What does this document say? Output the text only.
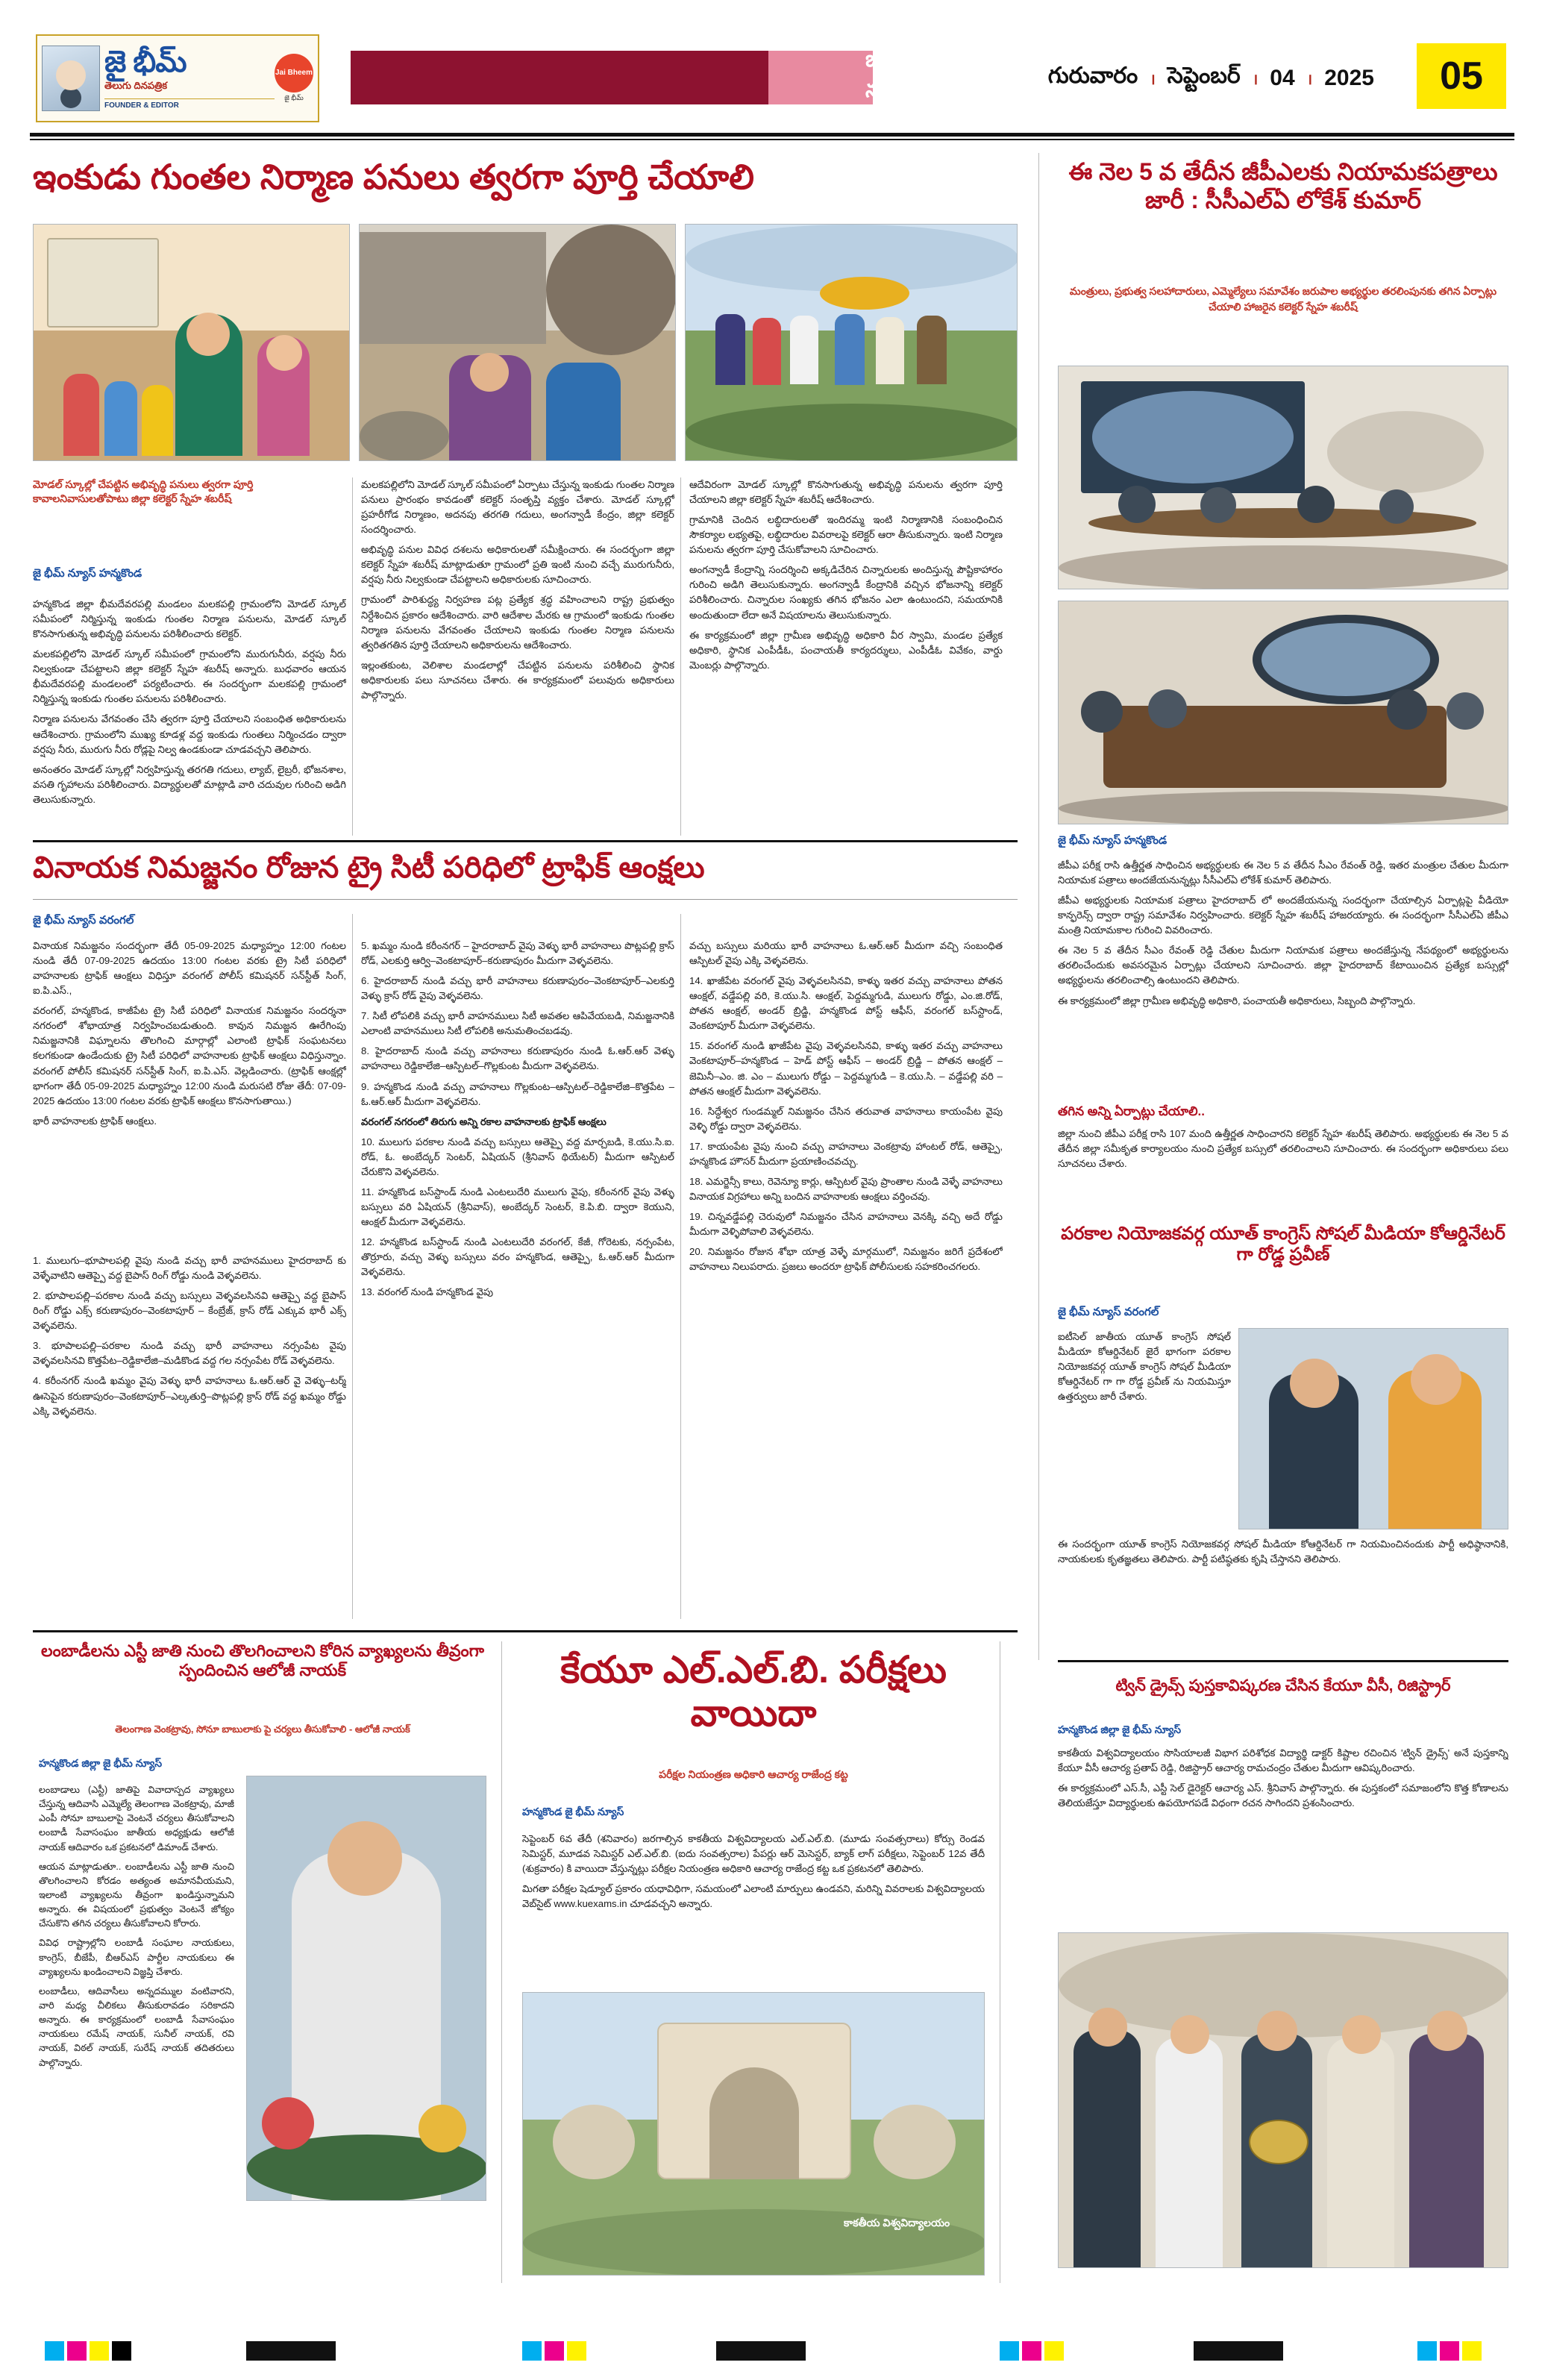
జై భీమ్
తెలుగు దినపత్రిక
FOUNDER & EDITOR
Jai Bheem
జై భీమ్
జనరల్ న్యూస్
గురువారం । సెప్టెంబర్ । 04 । 2025	05
ఇంకుడు గుంతల నిర్మాణ పనులు త్వరగా పూర్తి చేయాలి
మోడల్ స్కూల్లో చేపట్టిన అభివృద్ధి పనులు త్వరగా పూర్తి కావాలనివాసులతోపాటు జిల్లా కలెక్టర్ స్నేహ శబరీష్
జై భీమ్ న్యూస్ హన్మకొండ

హన్మకొండ జిల్లా భీమదేవరపల్లి మండలం మలకపల్లి గ్రామంలోని మోడల్ స్కూల్ సమీపంలో నిర్మిస్తున్న ఇంకుడు గుంతల నిర్మాణ పనులను, మోడల్ స్కూల్ కొనసాగుతున్న అభివృద్ధి పనులను పరిశీలించారు కలెక్టర్.

మలకపల్లిలోని మోడల్ స్కూల్ సమీపంలో గ్రామంలోని మురుగునీరు, వర్షపు నీరు నిల్వకుండా చేపట్టాలని జిల్లా కలెక్టర్ స్నేహ శబరీష్ అన్నారు. బుధవారం ఆయన భీమదేవరపల్లి మండలంలో పర్యటించారు. ఈ సందర్భంగా మలకపల్లి గ్రామంలో నిర్మిస్తున్న ఇంకుడు గుంతల పనులను పరిశీలించారు.

నిర్మాణ పనులను వేగవంతం చేసి త్వరగా పూర్తి చేయాలని సంబంధిత అధికారులను ఆదేశించారు. గ్రామంలోని ముఖ్య కూడళ్ల వద్ద ఇంకుడు గుంతలు నిర్మించడం ద్వారా వర్షపు నీరు, మురుగు నీరు రోడ్లపై నిల్వ ఉండకుండా చూడవచ్చని తెలిపారు.

అనంతరం మోడల్ స్కూల్లో నిర్వహిస్తున్న తరగతి గదులు, ల్యాబ్, లైబ్రరీ, భోజనశాల, వసతి గృహాలను పరిశీలించారు. విద్యార్థులతో మాట్లాడి వారి చదువుల గురించి అడిగి తెలుసుకున్నారు.

మలకపల్లిలోని మోడల్ స్కూల్ సమీపంలో ఏర్పాటు చేస్తున్న ఇంకుడు గుంతల నిర్మాణ పనులు ప్రారంభం కావడంతో కలెక్టర్ సంతృప్తి వ్యక్తం చేశారు. మోడల్ స్కూల్లో ప్రహరీగోడ నిర్మాణం, అదనపు తరగతి గదులు, అంగన్వాడీ కేంద్రం, జిల్లా కలెక్టర్ సందర్శించారు.

అభివృద్ధి పనుల వివిధ దశలను అధికారులతో సమీక్షించారు. ఈ సందర్భంగా జిల్లా కలెక్టర్ స్నేహ శబరీష్ మాట్లాడుతూ గ్రామంలో ప్రతి ఇంటి నుంచి వచ్చే మురుగునీరు, వర్షపు నీరు నిల్వకుండా చేపట్టాలని అధికారులకు సూచించారు.

గ్రామంలో పారిశుద్ధ్య నిర్వహణ పట్ల ప్రత్యేక శ్రద్ధ వహించాలని రాష్ట్ర ప్రభుత్వం నిర్దేశించిన ప్రకారం ఆదేశించారు. వారి ఆదేశాల మేరకు ఆ గ్రామంలో ఇంకుడు గుంతల నిర్మాణ పనులను వేగవంతం చేయాలని ఇంకుడు గుంతల నిర్మాణ పనులను త్వరితగతిన పూర్తి చేయాలని అధికారులను ఆదేశించారు.

ఇల్లంతకుంట, వెలిశాల మండలాల్లో చేపట్టిన పనులను పరిశీలించి స్థానిక అధికారులకు పలు సూచనలు చేశారు. ఈ కార్యక్రమంలో పలువురు అధికారులు పాల్గొన్నారు.

ఆదేవిరంగా మోడల్ స్కూల్లో కొనసాగుతున్న అభివృద్ధి పనులను త్వరగా పూర్తి చేయాలని జిల్లా కలెక్టర్ స్నేహ శబరీష్ ఆదేశించారు.

గ్రామానికి చెందిన లబ్ధిదారులతో ఇందిరమ్మ ఇంటి నిర్మాణానికి సంబంధించిన సౌకర్యాల లభ్యతపై, లబ్ధిదారుల వివరాలపై కలెక్టర్ ఆరా తీసుకున్నారు. ఇంటి నిర్మాణ పనులను త్వరగా పూర్తి చేసుకోవాలని సూచించారు.

అంగన్వాడీ కేంద్రాన్ని సందర్శించి అక్కడిచేరిన చిన్నారులకు అందిస్తున్న పౌష్టికాహారం గురించి అడిగి తెలుసుకున్నారు. అంగన్వాడీ కేంద్రానికి వచ్చిన భోజనాన్ని కలెక్టర్ పరిశీలించారు. చిన్నారుల సంఖ్యకు తగిన భోజనం ఎలా ఉంటుందని, సమయానికి అందుతుందా లేదా అనే విషయాలను తెలుసుకున్నారు.

ఈ కార్యక్రమంలో జిల్లా గ్రామీణ అభివృద్ధి అధికారి వీర స్వామి, మండల ప్రత్యేక అధికారి, స్థానిక ఎంపీడీఓ, పంచాయతీ కార్యదర్శులు, ఎంపీడీఓ వివేకం, వార్డు మెంబర్లు పాల్గొన్నారు.

ఈ నెల 5 వ తేదీన జీపీఎలకు నియామకపత్రాలు జారీ : సీసీఎల్ఏ లోకేశ్ కుమార్
మంత్రులు, ప్రభుత్వ సలహాదారులు, ఎమ్మెల్యేలు సమావేశం జరుపాల అభ్యర్థుల తరలింపునకు తగిన ఏర్పాట్లు చేయాలి హాజరైన కలెక్టర్ స్నేహ శబరీష్
జై భీమ్ న్యూస్ హన్మకొండ

జీపీఎ పరీక్ష రాసి ఉత్తీర్ణత సాధించిన అభ్యర్థులకు ఈ నెల 5 వ తేదీన సీఎం రేవంత్ రెడ్డి, ఇతర మంత్రుల చేతుల మీదుగా నియామక పత్రాలు అందజేయనున్నట్లు సీసీఎల్ఏ లోకేశ్ కుమార్ తెలిపారు.

జీపీఎ అభ్యర్థులకు నియామక పత్రాలు హైదరాబాద్ లో అందజేయనున్న సందర్భంగా చేయాల్సిన ఏర్పాట్లపై వీడియో కాన్ఫరెన్స్ ద్వారా రాష్ట్ర సమావేశం నిర్వహించారు. కలెక్టర్ స్నేహ శబరీష్ హాజరయ్యారు. ఈ సందర్భంగా సీసీఎల్ఏ జీపీఎ మంత్రి నియామకాల గురించి వివరించారు.

ఈ నెల 5 వ తేదీన సీఎం రేవంత్ రెడ్డి చేతుల మీదుగా నియామక పత్రాలు అందజేస్తున్న నేపథ్యంలో అభ్యర్థులను తరలించేందుకు అవసరమైన ఏర్పాట్లు చేయాలని సూచించారు. జిల్లా హైదరాబాద్ కేటాయించిన ప్రత్యేక బస్సుల్లో అభ్యర్థులను తరలించాల్సి ఉంటుందని తెలిపారు.

ఈ కార్యక్రమంలో జిల్లా గ్రామీణ అభివృద్ధి అధికారి, పంచాయతీ అధికారులు, సిబ్బంది పాల్గొన్నారు.

తగిన అన్ని ఏర్పాట్లు చేయాలి..

జిల్లా నుంచి జీపీఎ పరీక్ష రాసి 107 మంది ఉత్తీర్ణత సాధించారని కలెక్టర్ స్నేహ శబరీష్ తెలిపారు. అభ్యర్థులకు ఈ నెల 5 వ తేదీన జిల్లా సమీకృత కార్యాలయం నుంచి ప్రత్యేక బస్సులో తరలించాలని సూచించారు. ఈ సందర్భంగా అధికారులు పలు సూచనలు చేశారు.

పరకాల నియోజకవర్గ యూత్ కాంగ్రెస్ సోషల్ మీడియా కోఆర్డినేటర్ గా రోడ్డ ప్రవీణ్
జై భీమ్ న్యూస్ వరంగల్

ఐటీసెల్ జాతీయ యూత్ కాంగ్రెస్ సోషల్ మీడియా కోఆర్డినేటర్ జైరే భాగంగా పరకాల నియోజకవర్గ యూత్ కాంగ్రెస్ సోషల్ మీడియా కోఆర్డినేటర్ గా గా రోడ్డ ప్రవీణ్ ను నియమిస్తూ ఉత్తర్వులు జారీ చేశారు.

ఈ సందర్భంగా యూత్ కాంగ్రెస్ నియోజకవర్గ సోషల్ మీడియా కోఆర్డినేటర్ గా నియమించినందుకు పార్టీ అధిష్ఠానానికి, నాయకులకు కృతజ్ఞతలు తెలిపారు. పార్టీ పటిష్ఠతకు కృషి చేస్తానని తెలిపారు.

వినాయక నిమజ్జనం రోజున ట్రై సిటీ పరిధిలో ట్రాఫిక్ ఆంక్షలు
జై భీమ్ న్యూస్ వరంగల్

వినాయక నిమజ్జనం సందర్భంగా తేదీ 05-09-2025 మధ్యాహ్నం 12:00 గంటల నుండి తేదీ 07-09-2025 ఉదయం 13:00 గంటల వరకు ట్రై సిటీ పరిధిలో వాహనాలకు ట్రాఫిక్ ఆంక్షలు విధిస్తూ వరంగల్ పోలీస్ కమిషనర్ సన్‌స్టీత్ సింగ్, ఐ.పి.ఎస్.,

వరంగల్, హన్మకొండ, కాజీపేట ట్రై సిటీ పరిధిలో వినాయక నిమజ్జనం సందర్శనా నగరంలో శోభాయాత్ర నిర్వహించబడుతుంది. కావున నిమజ్జన ఊరేగింపు నిమజ్జనానికి విఘ్నాలను తొలగించి మార్గాల్లో ఎలాంటి ట్రాఫిక్ సంఘటనలు కలగకుండా ఉండేందుకు ట్రై సిటీ పరిధిలో వాహనాలకు ట్రాఫిక్ ఆంక్షలు విధిస్తున్నాం. వరంగల్ పోలీస్ కమిషనర్ సన్‌స్టీత్ సింగ్, ఐ.పి.ఎస్. వెల్లడించారు. (ట్రాఫిక్ ఆంక్షల్లో భాగంగా తేదీ 05-09-2025 మధ్యాహ్నం 12:00 నుండి మరుసటి రోజు తేదీ: 07-09-2025 ఉదయం 13:00 గంటల వరకు ట్రాఫిక్ ఆంక్షలు కొనసాగుతాయి.)

భారీ వాహనాలకు ట్రాఫిక్ ఆంక్షలు.

1. ములుగు–భూపాలపల్లి వైపు నుండి వచ్చు భారీ వాహనములు హైదరాబాద్ కు వెళ్ళేవాటిని ఆతెప్పై వద్ద బైపాస్ రింగ్ రోడ్డు నుండి వెళ్ళవలెను.

2. భూపాలపల్లి–పరకాల నుండి వచ్చు బస్సులు వెళ్ళవలసినవి ఆతెప్పై వద్ద బైపాస్ రింగ్ రోడ్డు ఎక్స్ కరుణాపురం–వెంకటాపూర్ – కేంబ్రేజ్, క్రాస్ రోడ్ ఎక్కువ భారీ ఎక్స్ వెళ్ళవలెను.

3. భూపాలపల్లి–పరకాల నుండి వచ్చు భారీ వాహనాలు నర్సంపేట వైపు వెళ్ళవలసినవి కొత్తపేట–రెడ్డికాలేజి–మడికొండ వద్ద గల నర్సంపేట రోడ్ వెళ్ళవలెను.

4. కరీంనగర్ నుండి ఖమ్మం వైపు వెళ్ళు భారీ వాహనాలు ఓ.ఆర్.ఆర్ వై వెళ్ళు–టర్మ్ ఊసెపైన కరుణాపురం–వెంకటాపూర్–ఎల్కతుర్తి–పొట్లపల్లి క్రాస్ రోడ్ వద్ద ఖమ్మం రోడ్డు ఎక్కి వెళ్ళవలెను.

5. ఖమ్మం నుండి కరీంనగర్ – హైదరాబాద్ వైపు వెళ్ళు భారీ వాహనాలు పొట్లపల్లి క్రాస్ రోడ్, ఎలకుర్తి ఆర్వి–వెంకటాపూర్–కరుణాపురం మీదుగా వెళ్ళవలెను.

6. హైదరాబాద్ నుండి వచ్చు భారీ వాహనాలు కరుణాపురం–వెంకటాపూర్–ఎలకుర్తి వెళ్ళు క్రాస్ రోడ్ వైపు వెళ్ళవలెను.

7. సిటీ లోపలికి వచ్చు భారీ వాహనములు సిటీ అవతల ఆపివేయబడి, నిమజ్జనానికి ఎలాంటి వాహనములు సిటీ లోపలికి అనుమతించబడవు.

8. హైదరాబాద్ నుండి వచ్చు వాహనాలు కరుణాపురం నుండి ఓ.ఆర్.ఆర్ వెళ్ళు వాహనాలు రెడ్డికాలేజి–ఆస్పిటల్–గొల్లకుంట మీదుగా వెళ్ళవలెను.

9. హన్మకొండ నుండి వచ్చు వాహనాలు గొల్లకుంట–ఆస్పిటల్–రెడ్డికాలేజి–కొత్తపేట –ఓ.ఆర్.ఆర్ మీదుగా వెళ్ళవలెను.

వరంగల్ నగరంలో తిరుగు అన్ని రకాల వాహనాలకు ట్రాఫిక్ ఆంక్షలు

10. ములుగు పరకాల నుండి వచ్చు బస్సులు ఆతెప్పై వద్ద మార్చబడి, కె.యు.సి.ఐ. రోడ్, ఓ. అంబేద్కర్ సెంటర్, ఏషియన్ (శ్రీనివాస్ థియేటర్) మీదుగా ఆస్పిటల్ చేరుకొని వెళ్ళవలెను.

11. హన్మకొండ బస్‌స్టాండ్ నుండి ఎంటలుదేరి ములుగు వైపు, కరీంనగర్ వైపు వెళ్ళు బస్సులు వరి ఏషియన్ (శ్రీనివాస్), అంబేద్కర్ సెంటర్, కె.పి.బి. ద్వారా కెయుని, ఆంక్షల్ మీదుగా వెళ్ళవలెను.

12. హన్మకొండ బస్‌స్టాండ్ నుండి ఎంటలుదేరి వరంగల్, కేజీ, గోరెటకు, నర్సంపేట, తొర్రూరు, వచ్చు వెళ్ళు బస్సులు వరం హన్మకొండ, ఆతెప్పై, ఓ.ఆర్.ఆర్ మీదుగా వెళ్ళవలెను.

13. వరంగల్ నుండి హన్మకొండ వైపు

వచ్చు బస్సులు మరియు భారీ వాహనాలు ఓ.ఆర్.ఆర్ మీదుగా వచ్చి సంబంధిత ఆస్పిటల్ వైపు ఎక్కి వెళ్ళవలెను.

14. ఖాజీపేట వరంగల్ వైపు వెళ్ళవలసినవి, కాళ్ళు ఇతర వచ్చు వాహనాలు పోతన ఆంక్షల్, వడ్డేపల్లి వరి, కె.యు.సి. ఆంక్షల్, పెద్దమ్మగుడి, ములుగు రోడ్డు, ఎం.జి.రోడ్, పోతన ఆంక్షల్, అండర్ బ్రిడ్జి, హన్మకొండ పోస్ట్ ఆఫీస్, వరంగల్ బస్‌స్టాండ్, వెంకటాపూర్ మీదుగా వెళ్ళవలెను.

15. వరంగల్ నుండి ఖాజీపేట వైపు వెళ్ళవలసినవి, కాళ్ళు ఇతర వచ్చు వాహనాలు వెంకటాపూర్–హన్మకొండ – హెడ్ పోస్ట్ ఆఫీస్ – అండర్ బ్రిడ్జి – పోతన ఆంక్షల్ – జెమినీ–ఎం. జి. ఎం – ములుగు రోడ్డు – పెద్దమ్మగుడి – కె.యు.సి. – వడ్డేపల్లి వరి – పోతన ఆంక్షల్ మీదుగా వెళ్ళవలెను.

16. సిద్ధేశ్వర గుండమ్మల్ నిమజ్జనం చేసిన తరువాత వాహనాలు కాయంపేట వైపు వెళ్ళి రోడ్డు ద్వారా వెళ్ళవలెను.

17. కాయంపేట వైపు నుంచి వచ్చు వాహనాలు వెంకట్రావు హాంటల్ రోడ్, ఆతెప్పై, హన్మకొండ హౌసర్ మీదుగా ప్రయాణించవచ్చు.

18. ఎమర్జెన్సీ కాలు, రెవెన్యూ కార్లు, ఆస్పిటల్ వైపు ప్రాంతాల నుండి వెళ్ళే వాహనాలు వినాయక విగ్రహాలు అన్ని బందిన వాహనాలకు ఆంక్షలు వర్తించవు.

19. చిన్నవడ్డేపల్లి చెరువులో నిమజ్జనం చేసిన వాహనాలు వెనక్కి వచ్చి అదే రోడ్డు మీదుగా వెళ్ళిపోవాలి వెళ్ళవలెను.

20. నిమజ్జనం రోజున శోభా యాత్ర వెళ్ళే మార్గములో, నిమజ్జనం జరిగే ప్రదేశంలో వాహనాలు నిలుపరాదు. ప్రజలు అందరూ ట్రాఫిక్ పోలీసులకు సహకరించగలరు.

లంబాడీలను ఎస్టీ జాతి నుంచి తొలగించాలని కోరిన వ్యాఖ్యలను తీవ్రంగా స్పందించిన ఆలోజీ నాయక్
తెలంగాణ వెంకట్రావు, సోనూ బాబులాకు పై చర్యలు తీసుకోవాలి - ఆలోజీ నాయక్
హన్మకొండ జిల్లా జై భీమ్ న్యూస్

లంబాడాలు (ఎస్టీ) జాతిపై వివాదాస్పద వ్యాఖ్యలు చేస్తున్న ఆదివాసి ఎమ్మెల్యే తెలంగాణ వెంకట్రావు, మాజీ ఎంపీ సోనూ బాబులాపై వెంటనే చర్యలు తీసుకోవాలని లంబాడీ సేవాసంఘం జాతీయ అధ్యక్షుడు ఆలోజీ నాయక్ ఆదివారం ఒక ప్రకటనలో డిమాండ్ చేశారు.

ఆయన మాట్లాడుతూ.. లంబాడీలను ఎస్టీ జాతి నుంచి తొలగించాలని కోరడం అత్యంత అమానవీయమని, ఇలాంటి వ్యాఖ్యలను తీవ్రంగా ఖండిస్తున్నామని అన్నారు. ఈ విషయంలో ప్రభుత్వం వెంటనే జోక్యం చేసుకొని తగిన చర్యలు తీసుకోవాలని కోరారు.

వివిధ రాష్ట్రాల్లోని లంబాడీ సంఘాల నాయకులు, కాంగ్రెస్, బీజేపీ, బీఆర్ఎస్ పార్టీల నాయకులు ఈ వ్యాఖ్యలను ఖండించాలని విజ్ఞప్తి చేశారు.

లంబాడీలు, ఆదివాసీలు అన్నదమ్ముల వంటివారని, వారి మధ్య చీలికలు తీసుకురావడం సరికాదని అన్నారు. ఈ కార్యక్రమంలో లంబాడీ సేవాసంఘం నాయకులు రమేష్ నాయక్, సునీల్ నాయక్, రవి నాయక్, విఠల్ నాయక్, సురేష్ నాయక్ తదితరులు పాల్గొన్నారు.

కేయూ ఎల్.ఎల్.బి. పరీక్షలు వాయిదా
పరీక్షల నియంత్రణ అధికారి ఆచార్య రాజేంద్ర కట్ట
హన్మకొండ జై భీమ్ న్యూస్

సెప్టెంబర్ 6వ తేదీ (శనివారం) జరగాల్సిన కాకతీయ విశ్వవిద్యాలయ ఎల్.ఎల్.బి. (మూడు సంవత్సరాలు) కోర్సు రెండవ సెమిస్టర్, మూడవ సెమిస్టర్ ఎల్.ఎల్.బి. (ఐదు సంవత్సరాల) పేపర్లు ఆర్ మెసెస్టర్, బ్యాక్ లాగ్ పరీక్షలు, సెప్టెంబర్ 12వ తేదీ (శుక్రవారం) కి వాయిదా వేస్తున్నట్లు పరీక్షల నియంత్రణ అధికారి ఆచార్య రాజేంద్ర కట్ట ఒక ప్రకటనలో తెలిపారు.

మిగతా పరీక్షల షెడ్యూల్ ప్రకారం యధావిధిగా, సమయంలో ఎలాంటి మార్పులు ఉండవని, మరిన్ని వివరాలకు విశ్వవిద్యాలయ వెబ్‌సైట్ www.kuexams.in చూడవచ్చని అన్నారు.

కాకతీయ విశ్వవిద్యాలయం
ట్విన్ డ్రైవ్స్ పుస్తకావిష్కరణ చేసిన కేయూ వీసీ, రిజిస్ట్రార్
హన్మకొండ జిల్లా జై భీమ్ న్యూస్

కాకతీయ విశ్వవిద్యాలయం సొసియాలజీ విభాగ పరిశోధక విద్యార్థి డాక్టర్ కిష్టాల రచించిన 'ట్విన్ డ్రైవ్స్' అనే పుస్తకాన్ని కేయూ వీసీ ఆచార్య ప్రతాప్ రెడ్డి, రిజిస్ట్రార్ ఆచార్య రామచంద్రం చేతుల మీదుగా ఆవిష్కరించారు.

ఈ కార్యక్రమంలో ఎస్.సీ, ఎస్టీ సెల్ డైరెక్టర్ ఆచార్య ఎస్. శ్రీనివాస్ పాల్గొన్నారు. ఈ పుస్తకంలో సమాజంలోని కొత్త కోణాలను తెలియజేస్తూ విద్యార్థులకు ఉపయోగపడే విధంగా రచన సాగిందని ప్రశంసించారు.
